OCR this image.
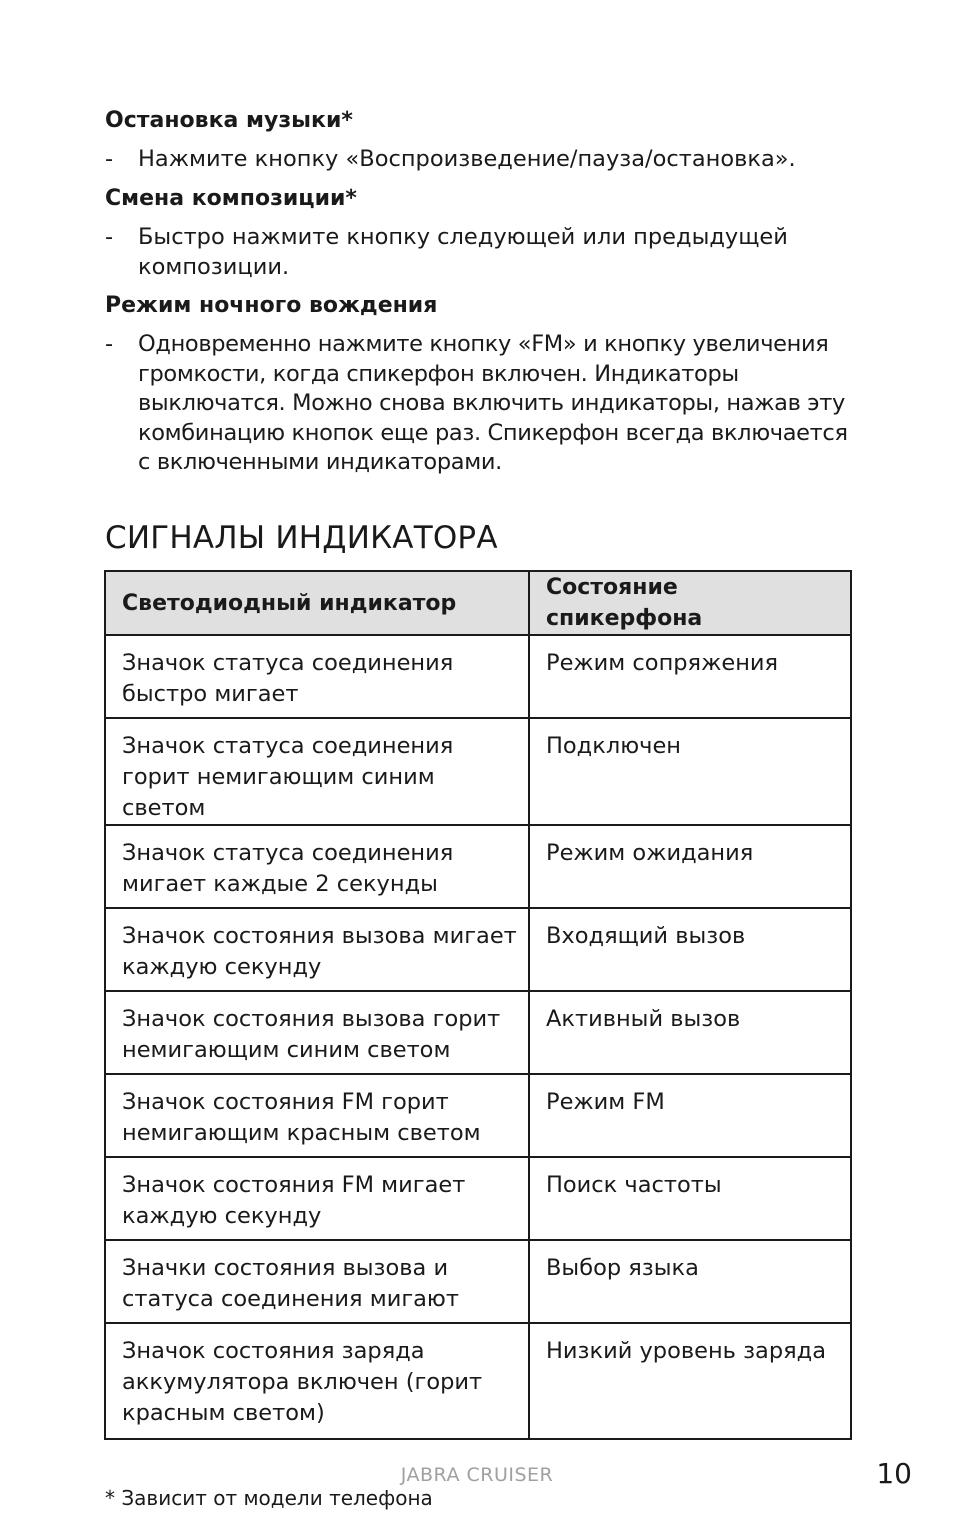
Остановка музыки*
- Нажмите кнопку «Воспроизведение/пауза/остановка».
Смена композиции*
- Быстро нажмите кнопку следующей или предыдущей композиции.
Режим ночного вождения
- Одновременно нажмите кнопку «FM» и кнопку увеличения громкости, когда спикерфон включен. Индикаторы выключатся. Можно снова включить индикаторы, нажав эту комбинацию кнопок еще раз. Спикерфон всегда включается с включенными индикаторами.
СИГНАЛЫ ИНДИКАТОРА
Светодиодный индикатор	Состояние спикерфона
Значок статуса соединения быстро мигает	Режим сопряжения
Значок статуса соединения горит немигающим синим светом	Подключен
Значок статуса соединения мигает каждые 2 секунды	Режим ожидания
Значок состояния вызова мигает каждую секунду	Входящий вызов
Значок состояния вызова горит немигающим синим светом	Активный вызов
Значок состояния FM горит немигающим красным светом	Режим FM
Значок состояния FM мигает каждую секунду	Поиск частоты
Значки состояния вызова и статуса соединения мигают	Выбор языка
Значок состояния заряда аккумулятора включен (горит красным светом)	Низкий уровень заряда
JABRA CRUISER	10
* Зависит от модели телефона
